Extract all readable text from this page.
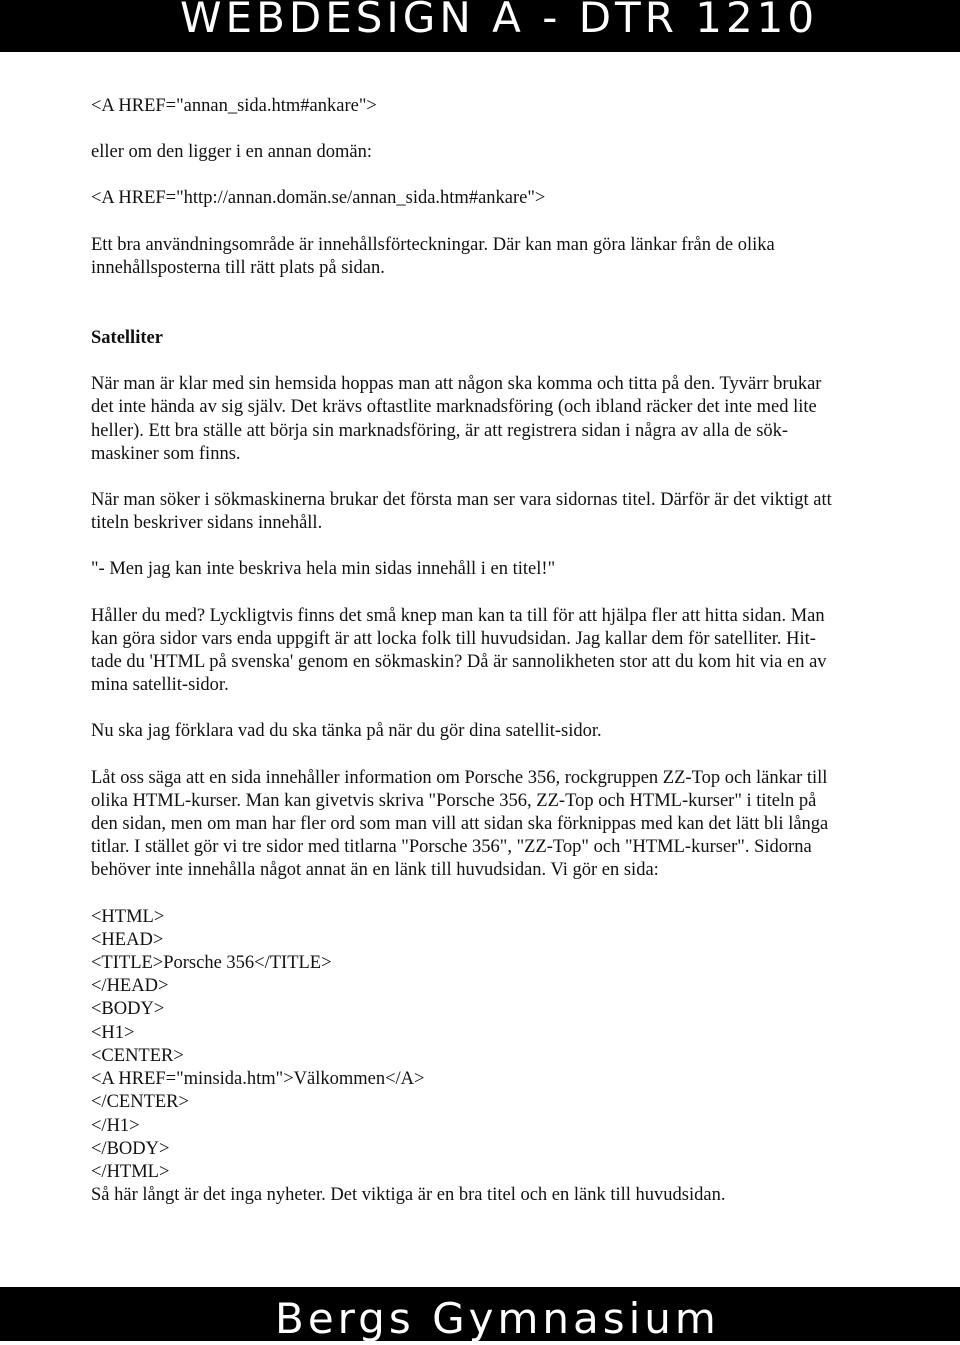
WEBDESIGN A - DTR 1210
<A HREF="annan_sida.htm#ankare">
eller om den ligger i en annan domän:
<A HREF="http://annan.domän.se/annan_sida.htm#ankare">
Ett bra användningsområde är innehållsförteckningar. Där kan man göra länkar från de olika
innehållsposterna till rätt plats på sidan.
Satelliter
När man är klar med sin hemsida hoppas man att någon ska komma och titta på den. Tyvärr brukar
det inte hända av sig själv. Det krävs oftastlite marknadsföring (och ibland räcker det inte med lite
heller). Ett bra ställe att börja sin marknadsföring, är att registrera sidan i några av alla de sök-
maskiner som finns.
När man söker i sökmaskinerna brukar det första man ser vara sidornas titel. Därför är det viktigt att
titeln beskriver sidans innehåll.
"- Men jag kan inte beskriva hela min sidas innehåll i en titel!"
Håller du med? Lyckligtvis finns det små knep man kan ta till för att hjälpa fler att hitta sidan. Man
kan göra sidor vars enda uppgift är att locka folk till huvudsidan. Jag kallar dem för satelliter. Hit-
tade du 'HTML på svenska' genom en sökmaskin? Då är sannolikheten stor att du kom hit via en av
mina satellit-sidor.
Nu ska jag förklara vad du ska tänka på när du gör dina satellit-sidor.
Låt oss säga att en sida innehåller information om Porsche 356, rockgruppen ZZ-Top och länkar till
olika HTML-kurser. Man kan givetvis skriva "Porsche 356, ZZ-Top och HTML-kurser" i titeln på
den sidan, men om man har fler ord som man vill att sidan ska förknippas med kan det lätt bli långa
titlar. I stället gör vi tre sidor med titlarna "Porsche 356", "ZZ-Top" och "HTML-kurser". Sidorna
behöver inte innehålla något annat än en länk till huvudsidan. Vi gör en sida:
<HTML>
<HEAD>
<TITLE>Porsche 356</TITLE>
</HEAD>
<BODY>
<H1>
<CENTER>
<A HREF="minsida.htm">Välkommen</A>
</CENTER>
</H1>
</BODY>
</HTML>
Så här långt är det inga nyheter. Det viktiga är en bra titel och en länk till huvudsidan.
Bergs Gymnasium
